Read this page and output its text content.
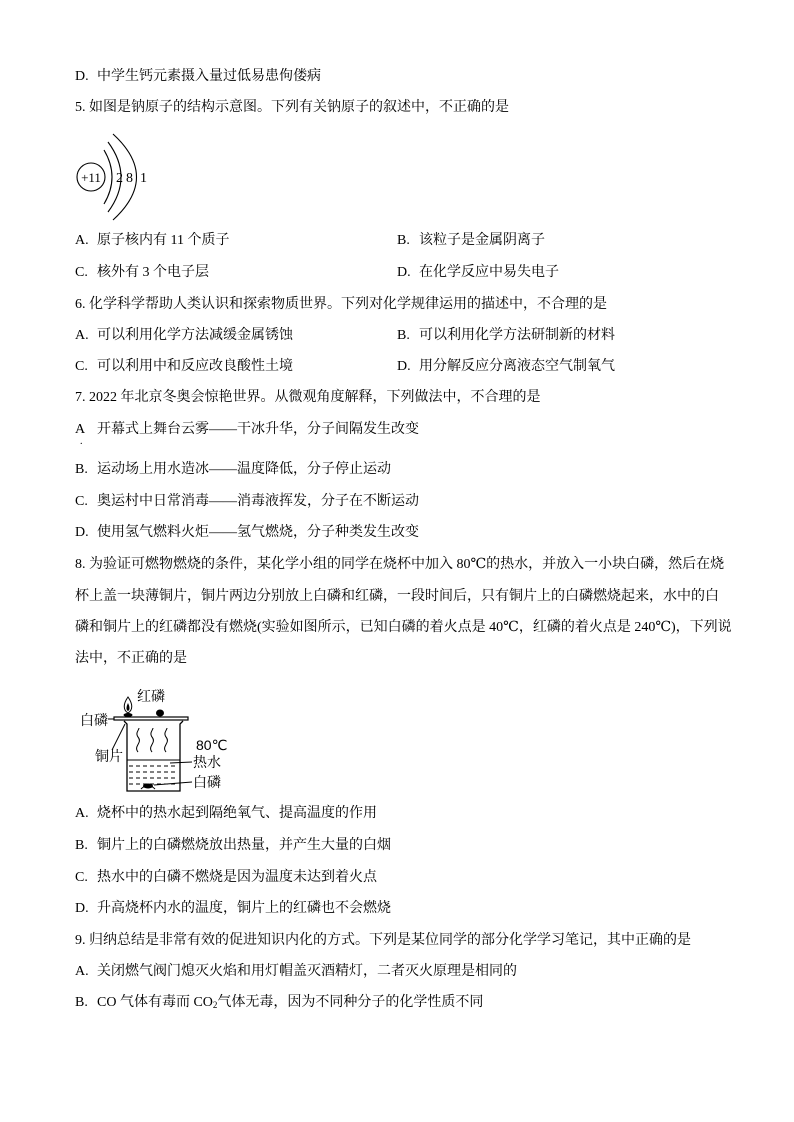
D. 中学生钙元素摄入量过低易患佝偻病
5. 如图是钠原子的结构示意图。下列有关钠原子的叙述中，不正确的是
+11 2 8 1
A. 原子核内有 11 个质子	B. 该粒子是金属阴离子
C. 核外有 3 个电子层	D. 在化学反应中易失电子
6. 化学科学帮助人类认识和探索物质世界。下列对化学规律运用的描述中，不合理的是
A. 可以利用化学方法减缓金属锈蚀	B. 可以利用化学方法研制新的材料
C. 可以利用中和反应改良酸性土境	D. 用分解反应分离液态空气制氧气
7. 2022 年北京冬奥会惊艳世界。从微观角度解释，下列做法中，不合理的是
A 开幕式上舞台云雾——干冰升华，分子间隔发生改变
.
B. 运动场上用水造冰——温度降低，分子停止运动
C. 奥运村中日常消毒——消毒液挥发，分子在不断运动
D. 使用氢气燃料火炬——氢气燃烧，分子种类发生改变
8. 为验证可燃物燃烧的条件，某化学小组的同学在烧杯中加入 80℃的热水，并放入一小块白磷，然后在烧
杯上盖一块薄铜片，铜片两边分别放上白磷和红磷，一段时间后，只有铜片上的白磷燃烧起来，水中的白
磷和铜片上的红磷都没有燃烧(实验如图所示，已知白磷的着火点是 40℃，红磷的着火点是 240℃)，下列说
法中，不正确的是
红磷
白磷
铜片
80℃
热水
白磷
A. 烧杯中的热水起到隔绝氧气、提高温度的作用
B. 铜片上的白磷燃烧放出热量，并产生大量的白烟
C. 热水中的白磷不燃烧是因为温度未达到着火点
D. 升高烧杯内水的温度，铜片上的红磷也不会燃烧
9. 归纳总结是非常有效的促进知识内化的方式。下列是某位同学的部分化学学习笔记，其中正确的是
A. 关闭燃气阀门熄灭火焰和用灯帽盖灭酒精灯，二者灭火原理是相同的
B. CO 气体有毒而 $CO_2$气体无毒，因为不同种分子的化学性质不同
